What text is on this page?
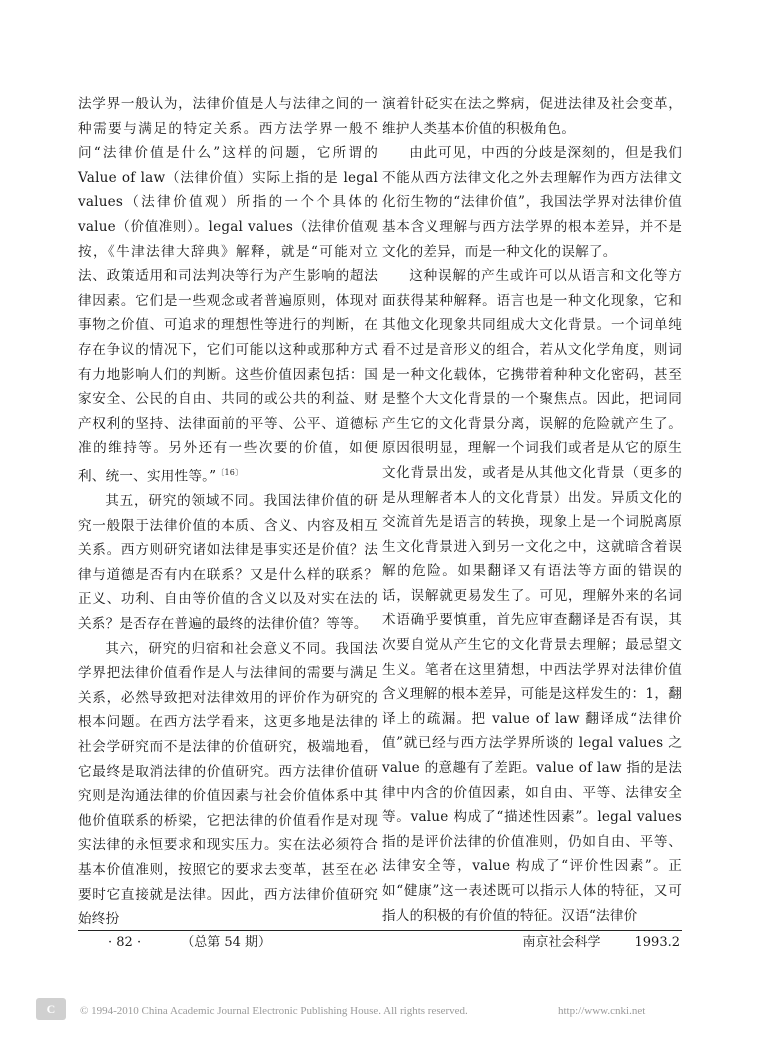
法学界一般认为，法律价值是人与法律之间的一种需要与满足的特定关系。西方法学界一般不问“法律价值是什么”这样的问题，它所谓的 Value of law（法律价值）实际上指的是 legal values（法律价值观）所指的一个个具体的 value（价值准则）。legal values（法律价值观按，《牛津法律大辞典》解释，就是“可能对立法、政策适用和司法判决等行为产生影响的超法律因素。它们是一些观念或者普遍原则，体现对事物之价值、可追求的理想性等进行的判断，在存在争议的情况下，它们可能以这种或那种方式有力地影响人们的判断。这些价值因素包括：国家安全、公民的自由、共同的或公共的利益、财产权利的坚持、法律面前的平等、公平、道德标准的维持等。另外还有一些次要的价值，如便利、统一、实用性等。”$^{〔16〕}$

其五，研究的领域不同。我国法律价值的研究一般限于法律价值的本质、含义、内容及相互关系。西方则研究诸如法律是事实还是价值？法律与道德是否有内在联系？又是什么样的联系？正义、功利、自由等价值的含义以及对实在法的关系？是否存在普遍的最终的法律价值？等等。

其六，研究的归宿和社会意义不同。我国法学界把法律价值看作是人与法律间的需要与满足关系，必然导致把对法律效用的评价作为研究的根本问题。在西方法学看来，这更多地是法律的社会学研究而不是法律的价值研究，极端地看，它最终是取消法律的价值研究。西方法律价值研究则是沟通法律的价值因素与社会价值体系中其他价值联系的桥梁，它把法律的价值看作是对现实法律的永恒要求和现实压力。实在法必须符合基本价值准则，按照它的要求去变革，甚至在必要时它直接就是法律。因此，西方法律价值研究始终扮

演着针砭实在法之弊病，促进法律及社会变革，维护人类基本价值的积极角色。

由此可见，中西的分歧是深刻的，但是我们不能从西方法律文化之外去理解作为西方法律文化衍生物的“法律价值”，我国法学界对法律价值基本含义理解与西方法学界的根本差异，并不是文化的差异，而是一种文化的误解了。

这种误解的产生或许可以从语言和文化等方面获得某种解释。语言也是一种文化现象，它和其他文化现象共同组成大文化背景。一个词单纯看不过是音形义的组合，若从文化学角度，则词是一种文化载体，它携带着种种文化密码，甚至是整个大文化背景的一个聚焦点。因此，把词同产生它的文化背景分离，误解的危险就产生了。原因很明显，理解一个词我们或者是从它的原生文化背景出发，或者是从其他文化背景（更多的是从理解者本人的文化背景）出发。异质文化的交流首先是语言的转换，现象上是一个词脱离原生文化背景进入到另一文化之中，这就暗含着误解的危险。如果翻译又有语法等方面的错误的话，误解就更易发生了。可见，理解外来的名词术语确乎要慎重，首先应审查翻译是否有误，其次要自觉从产生它的文化背景去理解；最忌望文生义。笔者在这里猜想，中西法学界对法律价值含义理解的根本差异，可能是这样发生的：1，翻译上的疏漏。把 value of law 翻译成“法律价值”就已经与西方法学界所谈的 legal values 之 value 的意趣有了差距。value of law 指的是法律中内含的价值因素，如自由、平等、法律安全等。value 构成了“描述性因素”。legal values 指的是评价法律的价值准则，仍如自由、平等、法律安全等，value 构成了“评价性因素”。正如“健康”这一表述既可以指示人体的特征，又可指人的积极的有价值的特征。汉语“法律价

· 82 ·	（总第 54 期）	南京社会科学	1993.2
C	© 1994-2010 China Academic Journal Electronic Publishing House. All rights reserved.	http://www.cnki.net
